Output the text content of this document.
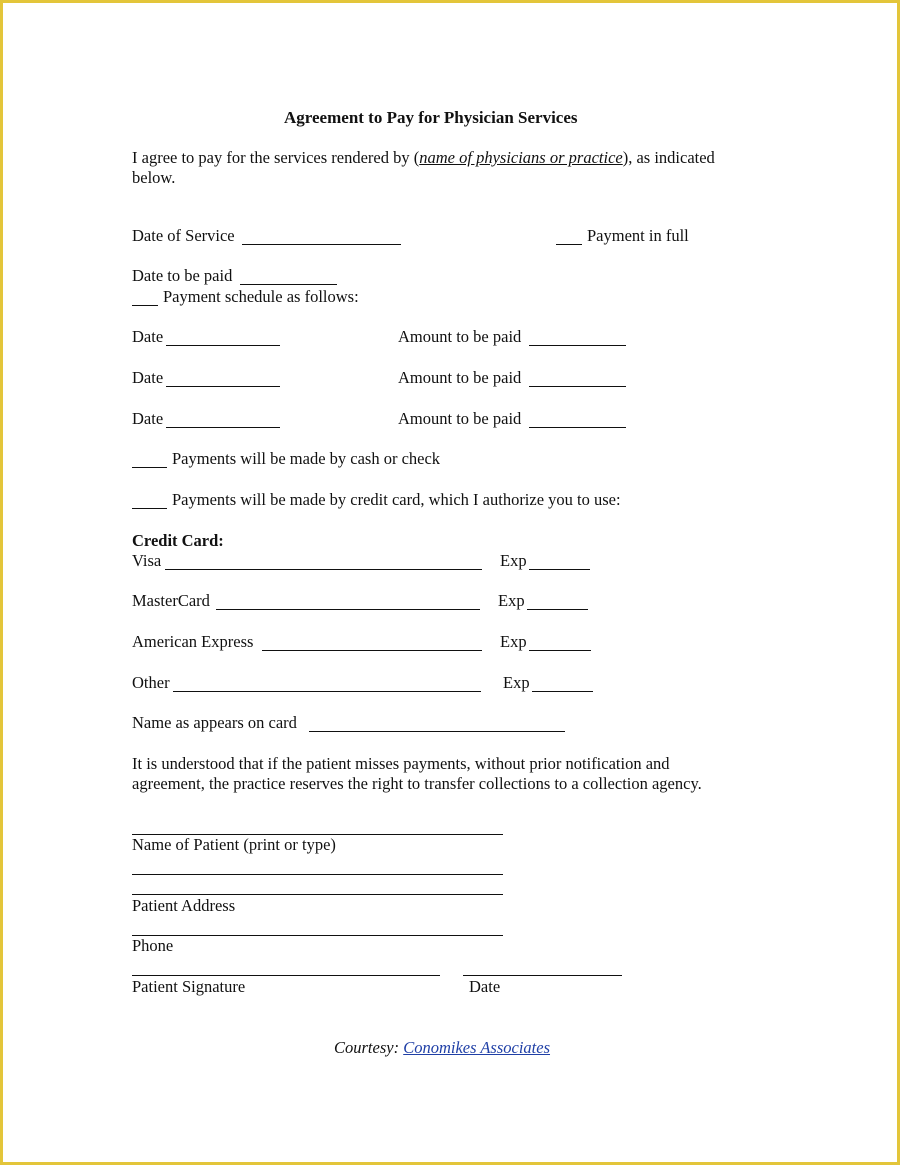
Agreement to Pay for Physician Services
I agree to pay for the services rendered by (name of physicians or practice), as indicated
below.
Date of Service	Payment in full
Date to be paid
Payment schedule as follows:
Date	Amount to be paid
Date	Amount to be paid
Date	Amount to be paid
Payments will be made by cash or check
Payments will be made by credit card, which I authorize you to use:
Credit Card:
Visa	Exp
MasterCard	Exp
American Express	Exp
Other	Exp
Name as appears on card
It is understood that if the patient misses payments, without prior notification and
agreement, the practice reserves the right to transfer collections to a collection agency.
Name of Patient (print or type)
Patient Address
Phone
Patient Signature	Date
Courtesy: Conomikes Associates
